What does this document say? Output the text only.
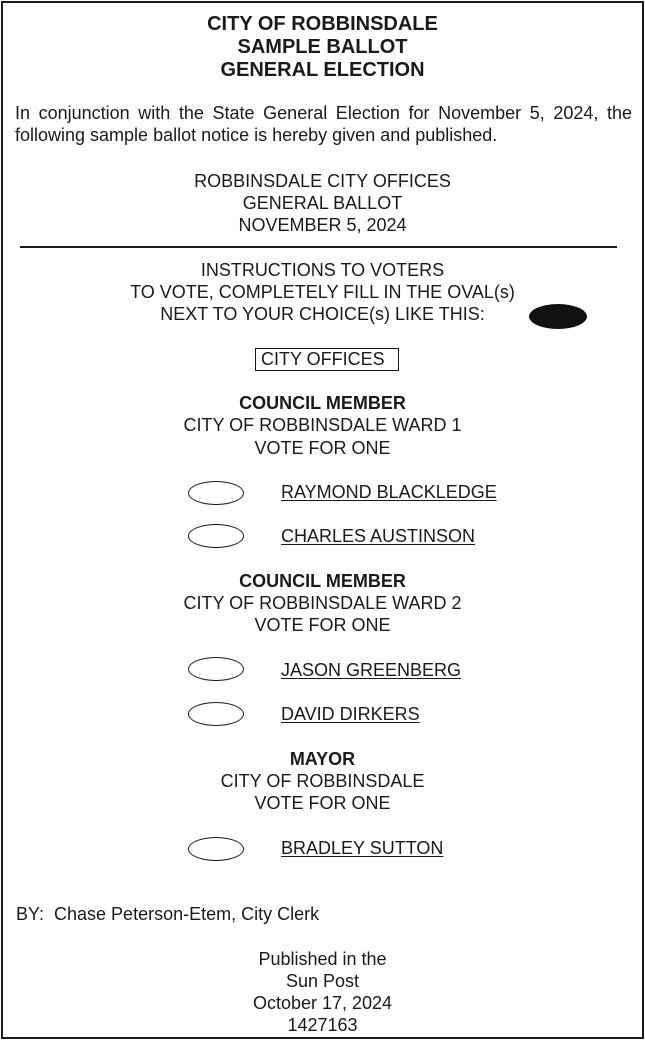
CITY OF ROBBINSDALE
SAMPLE BALLOT
GENERAL ELECTION
In conjunction with the State General Election for November 5, 2024, the following sample ballot notice is hereby given and published.
ROBBINSDALE CITY OFFICES
GENERAL BALLOT
NOVEMBER 5, 2024
INSTRUCTIONS TO VOTERS
TO VOTE, COMPLETELY FILL IN THE OVAL(s)
NEXT TO YOUR CHOICE(s) LIKE THIS:
CITY OFFICES
COUNCIL MEMBER
CITY OF ROBBINSDALE WARD 1
VOTE FOR ONE
RAYMOND BLACKLEDGE
CHARLES AUSTINSON
COUNCIL MEMBER
CITY OF ROBBINSDALE WARD 2
VOTE FOR ONE
JASON GREENBERG
DAVID DIRKERS
MAYOR
CITY OF ROBBINSDALE
VOTE FOR ONE
BRADLEY SUTTON
BY:  Chase Peterson-Etem, City Clerk
Published in the
Sun Post
October 17, 2024
1427163
